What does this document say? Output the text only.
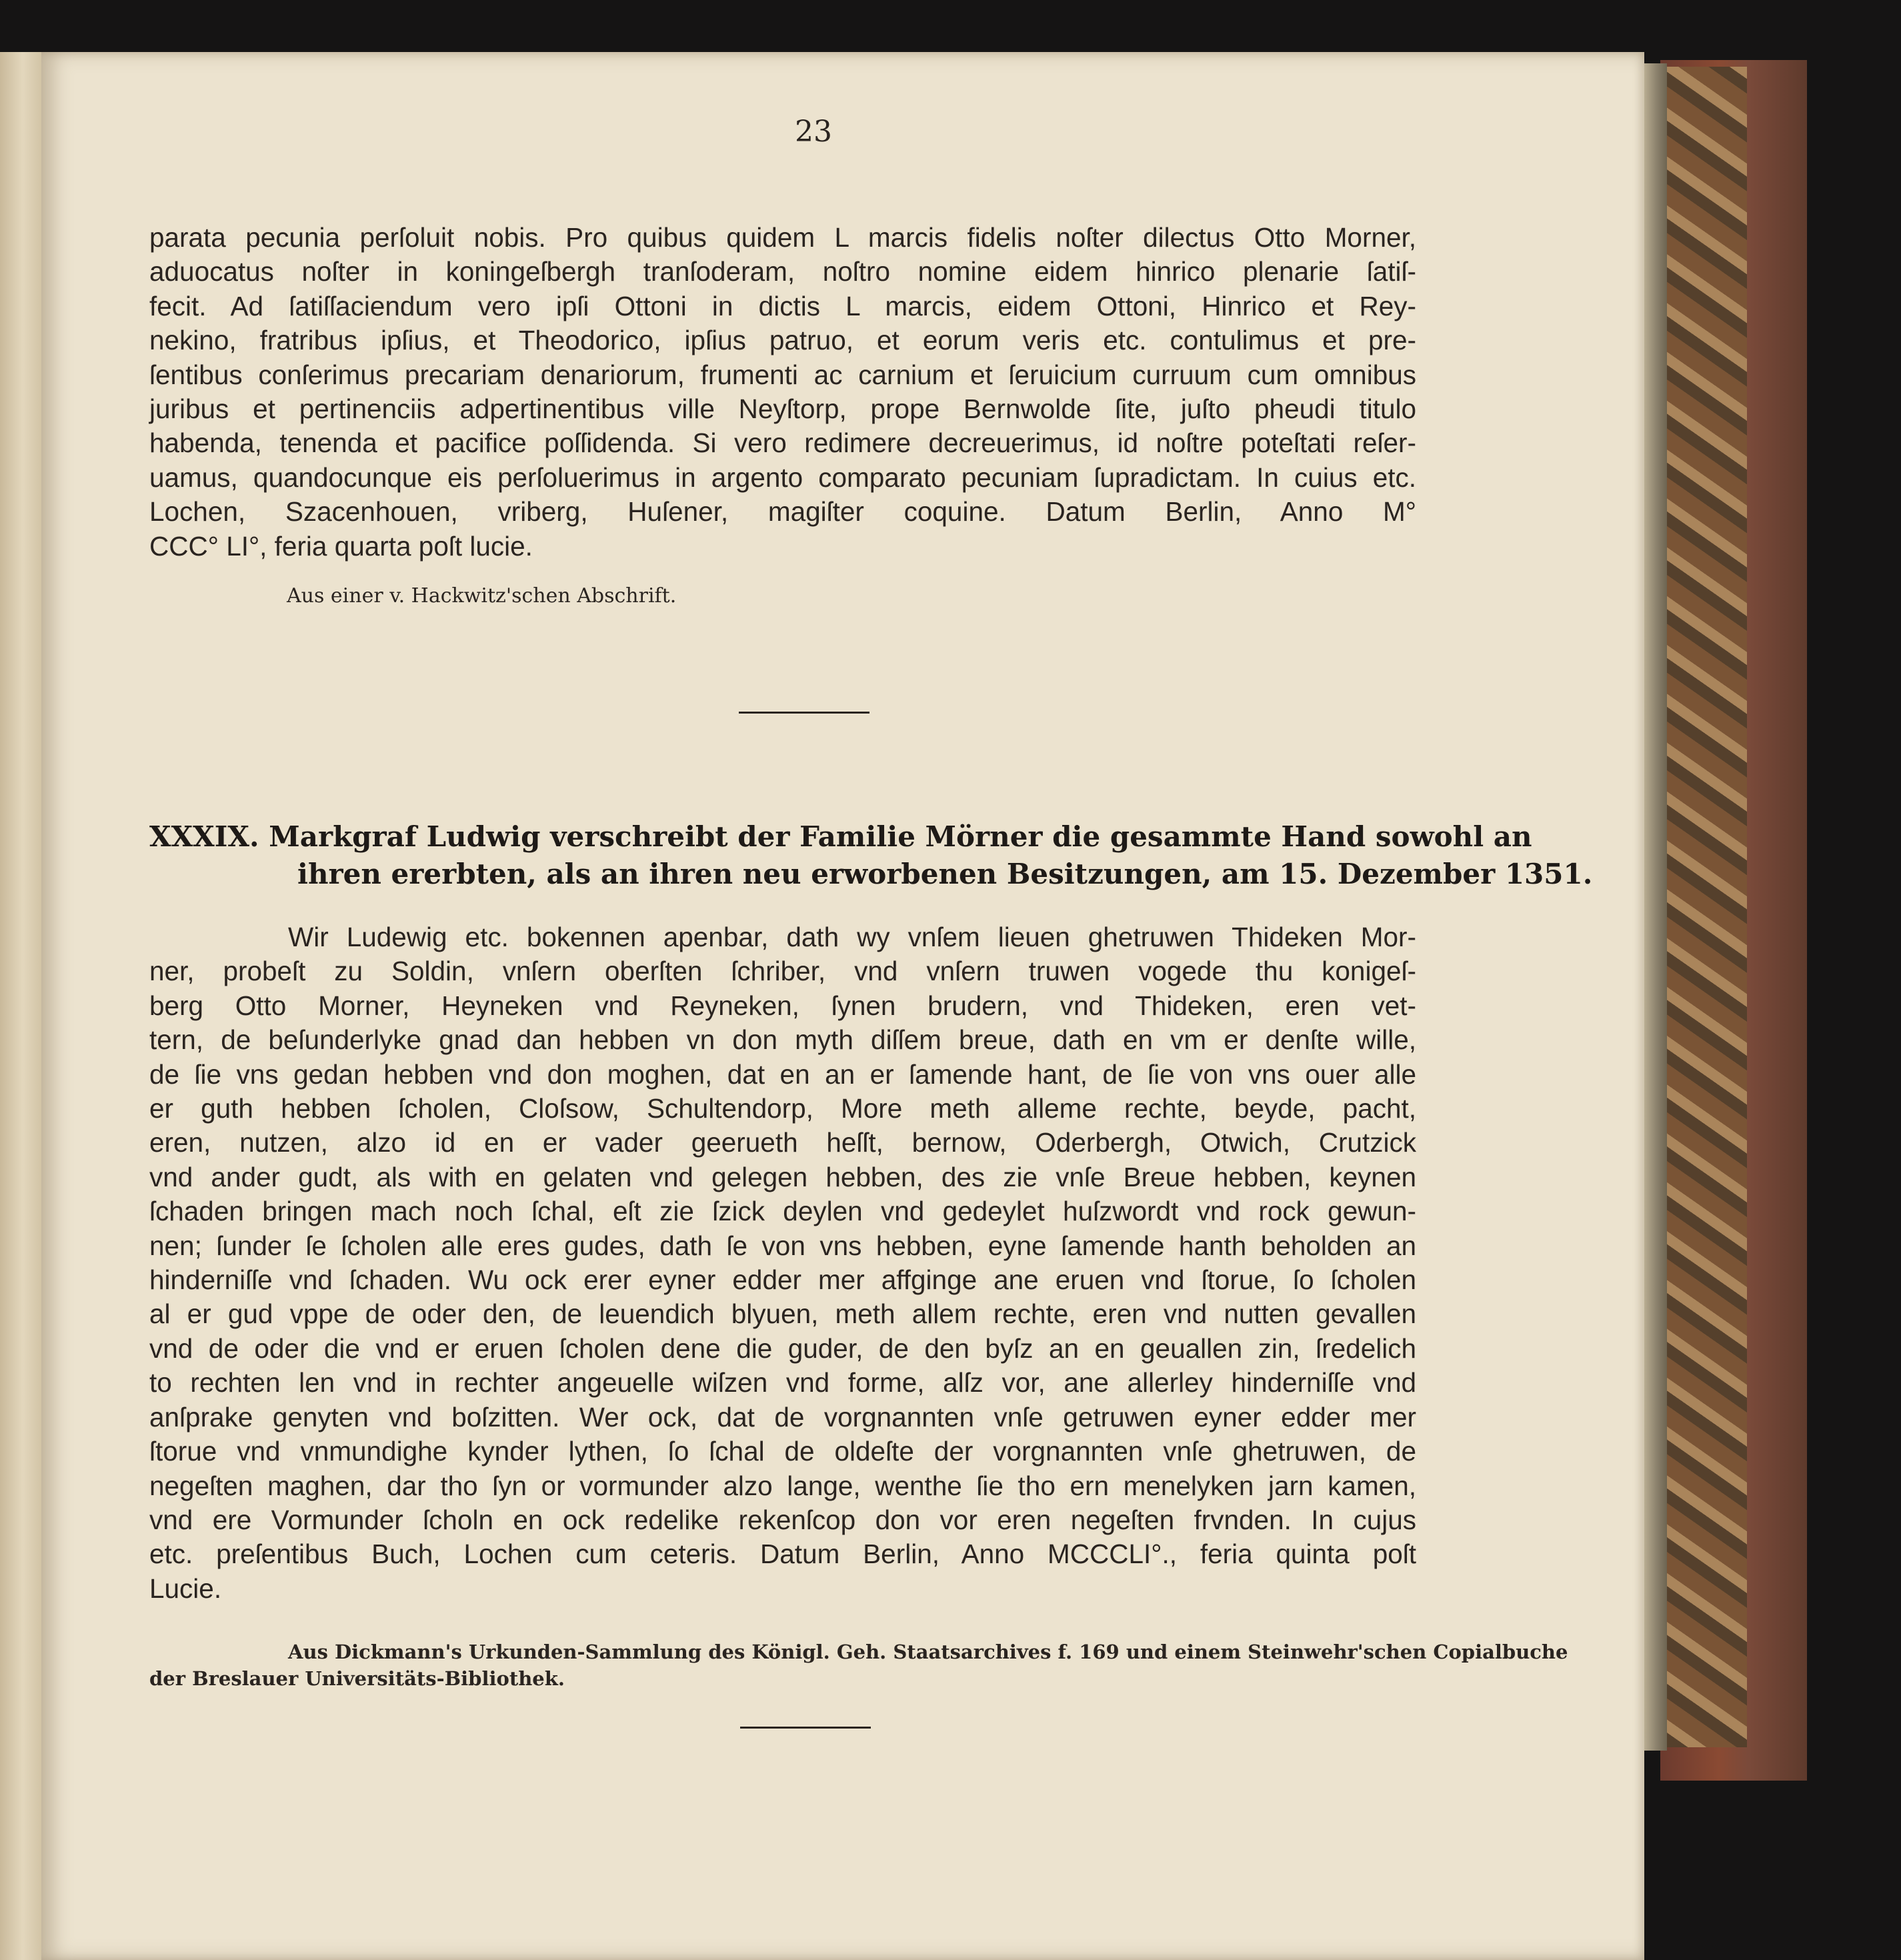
23
parata pecunia perſoluit nobis. Pro quibus quidem L marcis fidelis noſter dilectus Otto Morner,
aduocatus noſter in koningeſbergh tranſoderam, noſtro nomine eidem hinrico plenarie ſatiſ-
fecit. Ad ſatiſſaciendum vero ipſi Ottoni in dictis L marcis, eidem Ottoni, Hinrico et Rey-
nekino, fratribus ipſius, et Theodorico, ipſius patruo, et eorum veris etc. contulimus et pre-
ſentibus conſerimus precariam denariorum, frumenti ac carnium et ſeruicium curruum cum omnibus
juribus et pertinenciis adpertinentibus ville Neyſtorp, prope Bernwolde ſite, juſto pheudi titulo
habenda, tenenda et pacifice poſſidenda. Si vero redimere decreuerimus, id noſtre poteſtati reſer-
uamus, quandocunque eis perſoluerimus in argento comparato pecuniam ſupradictam. In cuius etc.
Lochen, Szacenhouen, vriberg, Huſener, magiſter coquine. Datum Berlin, Anno M°
CCC° LI°, feria quarta poſt lucie.
Aus einer v. Hackwitz'schen Abschrift.
XXXIX. Markgraf Ludwig verschreibt der Familie Mörner die gesammte Hand sowohl an
ihren ererbten, als an ihren neu erworbenen Besitzungen, am 15. Dezember 1351.
Wir Ludewig etc. bokennen apenbar, dath wy vnſem lieuen ghetruwen Thideken Mor-
ner, probeſt zu Soldin, vnſern oberſten ſchriber, vnd vnſern truwen vogede thu konigeſ-
berg Otto Morner, Heyneken vnd Reyneken, ſynen brudern, vnd Thideken, eren vet-
tern, de beſunderlyke gnad dan hebben vn don myth diſſem breue, dath en vm er denſte wille,
de ſie vns gedan hebben vnd don moghen, dat en an er ſamende hant, de ſie von vns ouer alle
er guth hebben ſcholen, Cloſsow, Schultendorp, More meth alleme rechte, beyde, pacht,
eren, nutzen, alzo id en er vader geerueth heſſt, bernow, Oderbergh, Otwich, Crutzick
vnd ander gudt, als with en gelaten vnd gelegen hebben, des zie vnſe Breue hebben, keynen
ſchaden bringen mach noch ſchal, eſt zie ſzick deylen vnd gedeylet huſzwordt vnd rock gewun-
nen; ſunder ſe ſcholen alle eres gudes, dath ſe von vns hebben, eyne ſamende hanth beholden an
hinderniſſe vnd ſchaden. Wu ock erer eyner edder mer affginge ane eruen vnd ſtorue, ſo ſcholen
al er gud vppe de oder den, de leuendich blyuen, meth allem rechte, eren vnd nutten gevallen
vnd de oder die vnd er eruen ſcholen dene die guder, de den byſz an en geuallen zin, ſredelich
to rechten len vnd in rechter angeuelle wiſzen vnd forme, alſz vor, ane allerley hinderniſſe vnd
anſprake genyten vnd boſzitten. Wer ock, dat de vorgnannten vnſe getruwen eyner edder mer
ſtorue vnd vnmundighe kynder lythen, ſo ſchal de oldeſte der vorgnannten vnſe ghetruwen, de
negeſten maghen, dar tho ſyn or vormunder alzo lange, wenthe ſie tho ern menelyken jarn kamen,
vnd ere Vormunder ſcholn en ock redelike rekenſcop don vor eren negeſten frvnden. In cujus
etc. preſentibus Buch, Lochen cum ceteris. Datum Berlin, Anno MCCCLI°., feria quinta poſt
Lucie.
Aus Dickmann's Urkunden-Sammlung des Königl. Geh. Staatsarchives f. 169 und einem Steinwehr'schen Copialbuche
der Breslauer Universitäts-Bibliothek.
